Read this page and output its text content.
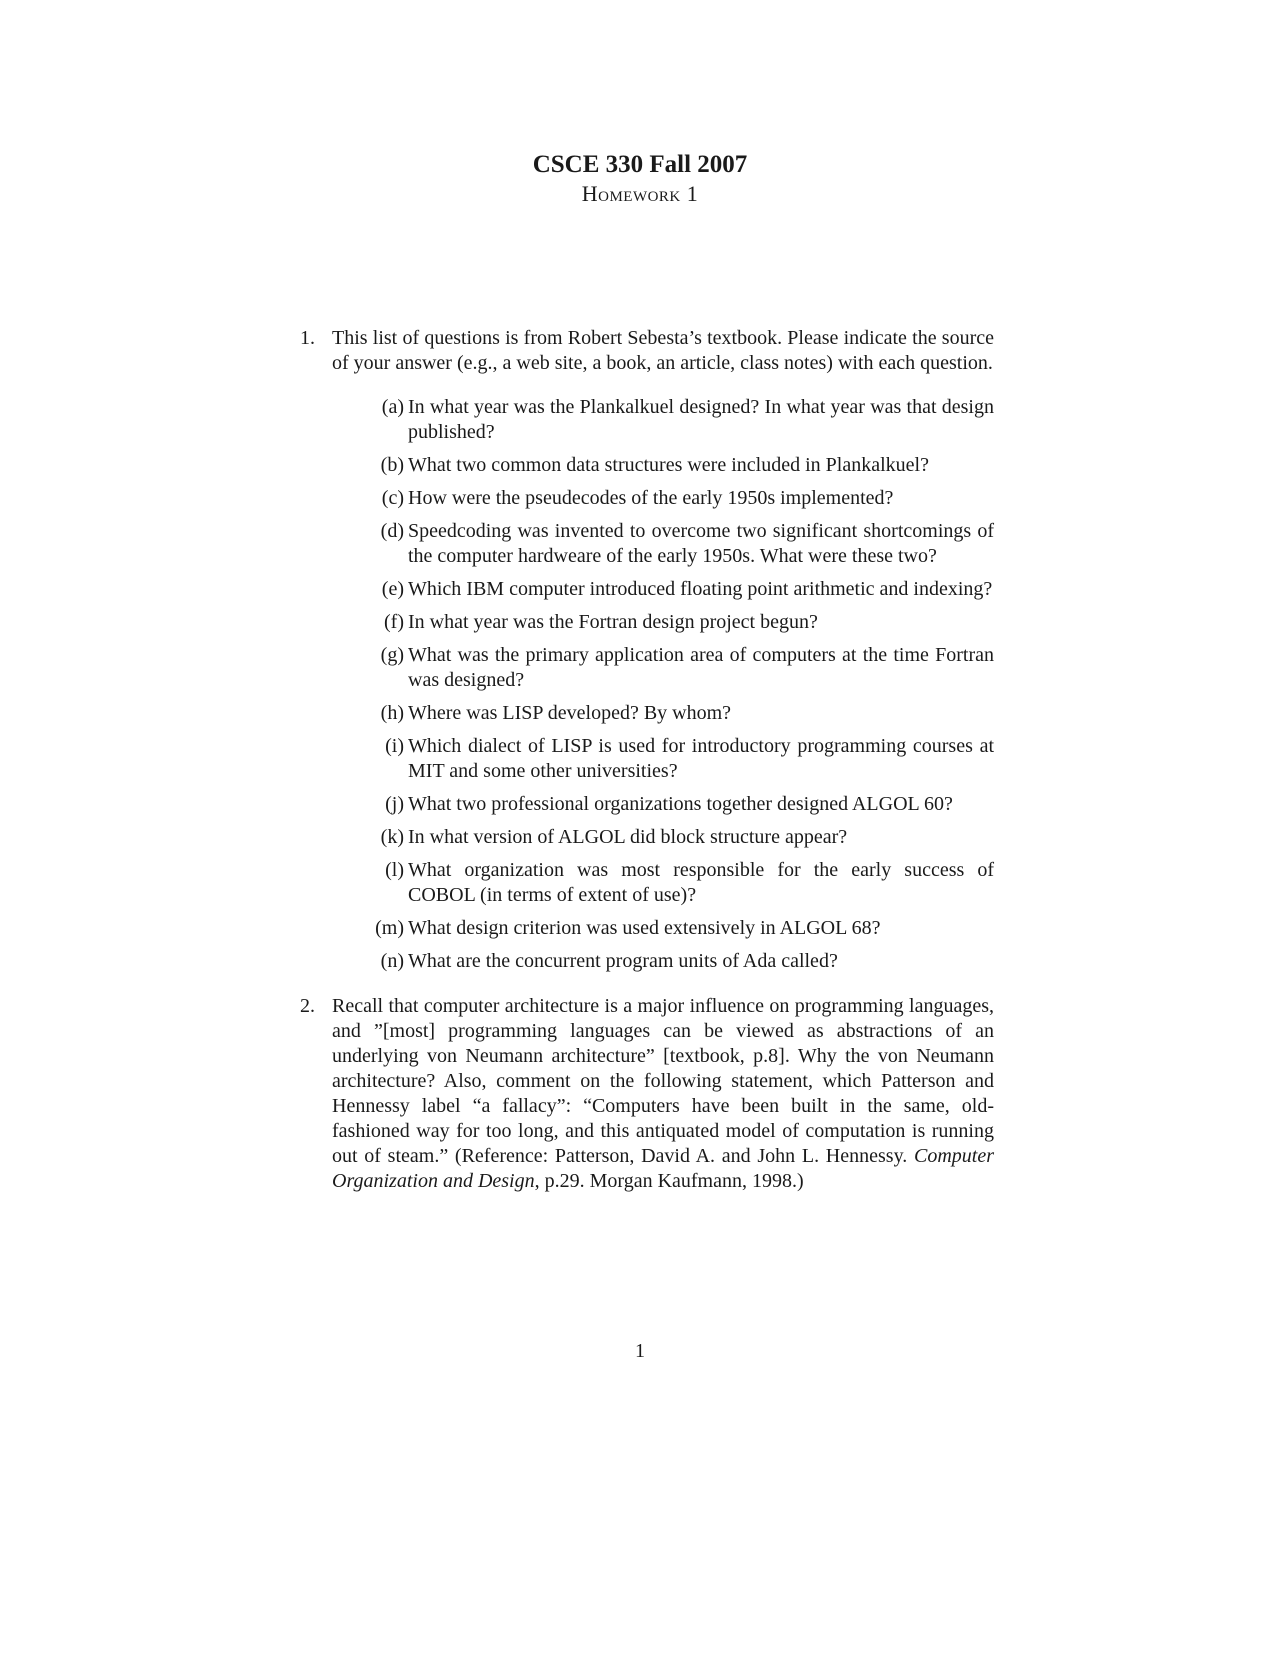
CSCE 330 Fall 2007
Homework 1
1. This list of questions is from Robert Sebesta’s textbook. Please indicate the source of your answer (e.g., a web site, a book, an article, class notes) with each question.

(a) In what year was the Plankalkuel designed? In what year was that design published?
(b) What two common data structures were included in Plankalkuel?
(c) How were the pseudecodes of the early 1950s implemented?
(d) Speedcoding was invented to overcome two significant shortcomings of the computer hardweare of the early 1950s. What were these two?
(e) Which IBM computer introduced floating point arithmetic and indexing?
(f) In what year was the Fortran design project begun?
(g) What was the primary application area of computers at the time Fortran was designed?
(h) Where was LISP developed? By whom?
(i) Which dialect of LISP is used for introductory programming courses at MIT and some other universities?
(j) What two professional organizations together designed ALGOL 60?
(k) In what version of ALGOL did block structure appear?
(l) What organization was most responsible for the early success of COBOL (in terms of extent of use)?
(m) What design criterion was used extensively in ALGOL 68?
(n) What are the concurrent program units of Ada called?
2. Recall that computer architecture is a major influence on programming languages, and ”[most] programming languages can be viewed as abstractions of an underlying von Neumann architecture” [textbook, p.8]. Why the von Neumann architecture? Also, comment on the following statement, which Patterson and Hennessy label “a fallacy”: “Computers have been built in the same, old-fashioned way for too long, and this antiquated model of computation is running out of steam.” (Reference: Patterson, David A. and John L. Hennessy. Computer Organization and Design, p.29. Morgan Kaufmann, 1998.)

1
